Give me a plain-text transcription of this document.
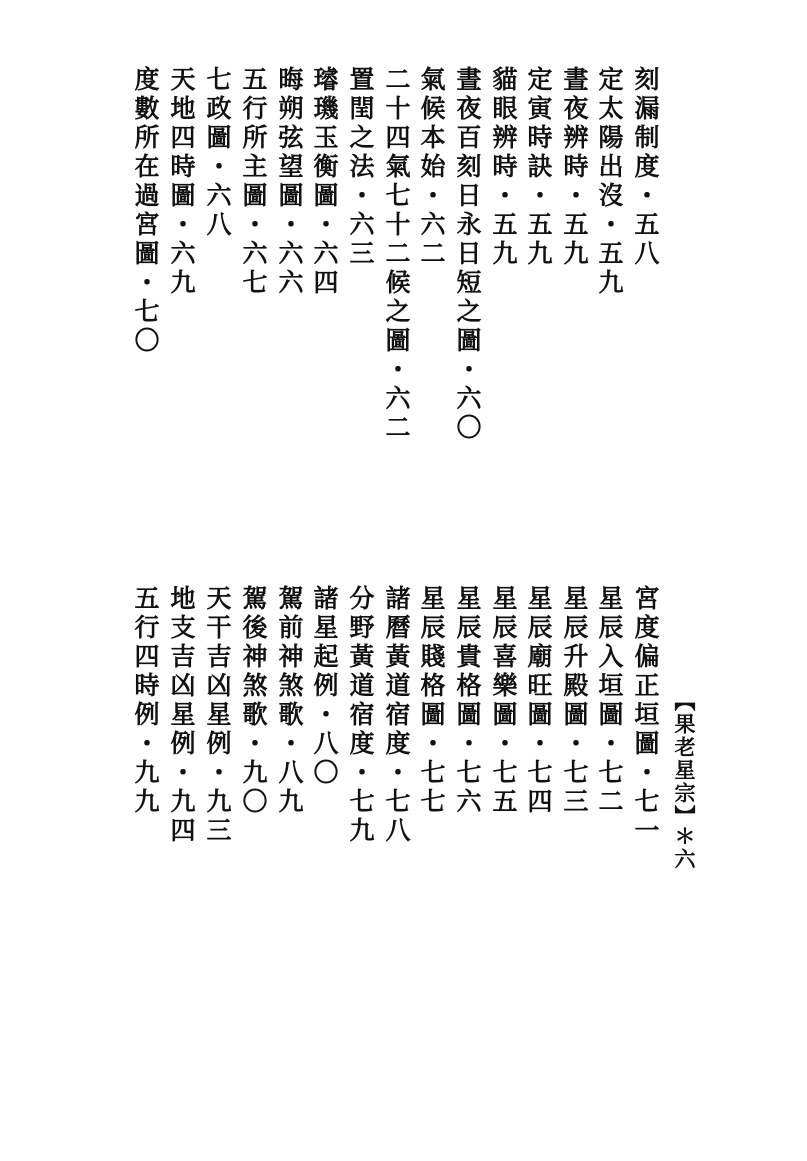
【果老星宗】
＊六
刻漏制度・五八
定太陽出沒・五九
晝夜辨時・五九
定寅時訣・五九
貓眼辨時・五九
晝夜百刻日永日短之圖・六〇
氣候本始・六二
二十四氣七十二候之圖・六二
置閏之法・六三
璿璣玉衡圖・六四
晦朔弦望圖・六六
五行所主圖・六七
七政圖・六八
天地四時圖・六九
度數所在過宮圖・七〇
宮度偏正垣圖・七一
星辰入垣圖・七二
星辰升殿圖・七三
星辰廟旺圖・七四
星辰喜樂圖・七五
星辰貴格圖・七六
星辰賤格圖・七七
諸曆黃道宿度・七八
分野黃道宿度・七九
諸星起例・八〇
駕前神煞歌・八九
駕後神煞歌・九〇
天干吉凶星例・九三
地支吉凶星例・九四
五行四時例・九九
